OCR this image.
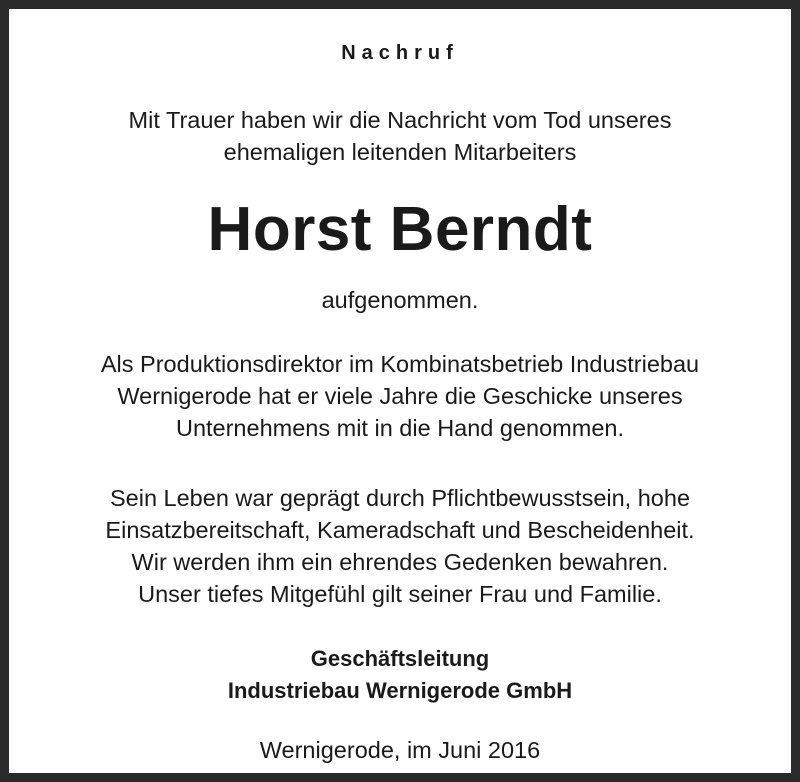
Nachruf
Mit Trauer haben wir die Nachricht vom Tod unseres
ehemaligen leitenden Mitarbeiters
Horst Berndt
aufgenommen.
Als Produktionsdirektor im Kombinatsbetrieb Industriebau
Wernigerode hat er viele Jahre die Geschicke unseres
Unternehmens mit in die Hand genommen.
Sein Leben war geprägt durch Pflichtbewusstsein, hohe
Einsatzbereitschaft, Kameradschaft und Bescheidenheit.
Wir werden ihm ein ehrendes Gedenken bewahren.
Unser tiefes Mitgefühl gilt seiner Frau und Familie.
Geschäftsleitung
Industriebau Wernigerode GmbH
Wernigerode, im Juni 2016
